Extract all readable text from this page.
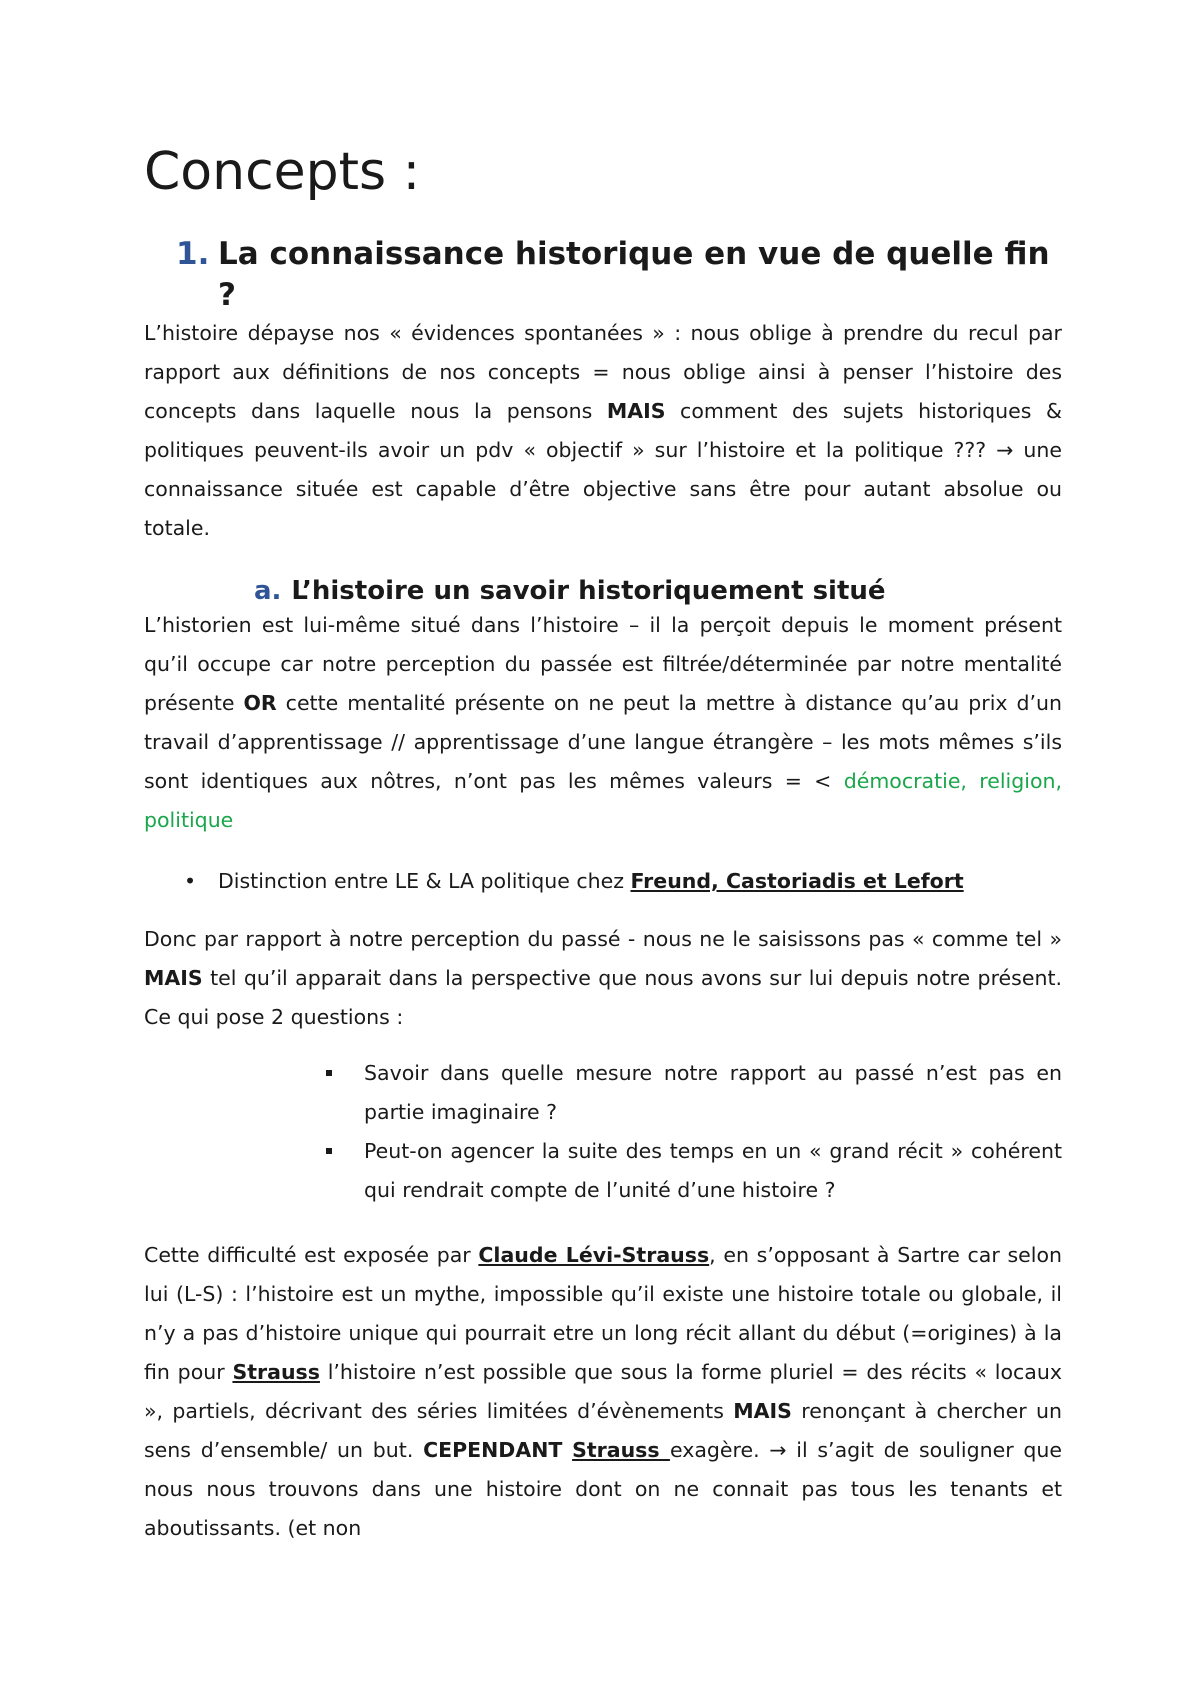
Concepts :
1. La connaissance historique en vue de quelle fin ?

L’histoire dépayse nos « évidences spontanées » : nous oblige à prendre du recul par rapport aux définitions de nos concepts = nous oblige ainsi à penser l’histoire des concepts dans laquelle nous la pensons MAIS comment des sujets historiques & politiques peuvent-ils avoir un pdv « objectif » sur l’histoire et la politique ??? → une connaissance située est capable d’être objective sans être pour autant absolue ou totale.

a. L’histoire un savoir historiquement situé

L’historien est lui-même situé dans l’histoire – il la perçoit depuis le moment présent qu’il occupe car notre perception du passée est filtrée/déterminée par notre mentalité présente OR cette mentalité présente on ne peut la mettre à distance qu’au prix d’un travail d’apprentissage // apprentissage d’une langue étrangère – les mots mêmes s’ils sont identiques aux nôtres, n’ont pas les mêmes valeurs = < démocratie, religion, politique

• Distinction entre LE & LA politique chez Freund, Castoriadis et Lefort

Donc par rapport à notre perception du passé - nous ne le saisissons pas « comme tel » MAIS tel qu’il apparait dans la perspective que nous avons sur lui depuis notre présent. Ce qui pose 2 questions :

Savoir dans quelle mesure notre rapport au passé n’est pas en partie imaginaire ?
Peut-on agencer la suite des temps en un « grand récit » cohérent qui rendrait compte de l’unité d’une histoire ?

Cette difficulté est exposée par Claude Lévi-Strauss, en s’opposant à Sartre car selon lui (L-S) : l’histoire est un mythe, impossible qu’il existe une histoire totale ou globale, il n’y a pas d’histoire unique qui pourrait etre un long récit allant du début (=origines) à la fin pour Strauss l’histoire n’est possible que sous la forme pluriel = des récits « locaux », partiels, décrivant des séries limitées d’évènements MAIS renonçant à chercher un sens d’ensemble/ un but. CEPENDANT Strauss exagère. → il s’agit de souligner que nous nous trouvons dans une histoire dont on ne connait pas tous les tenants et aboutissants. (et non
